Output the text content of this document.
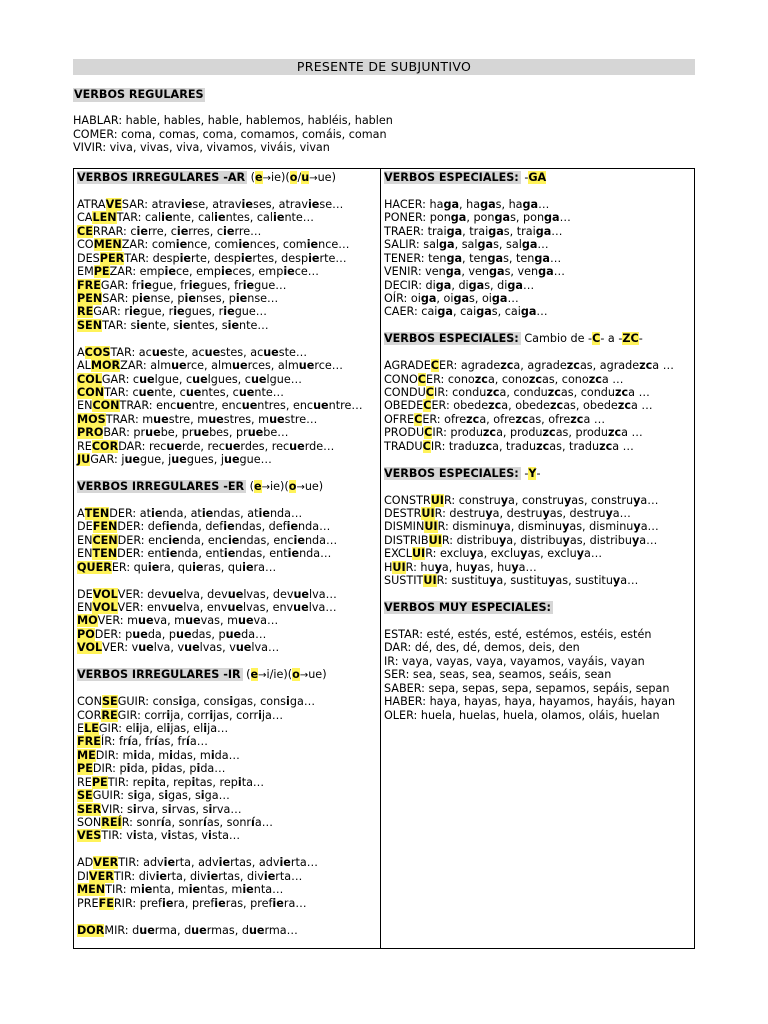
PRESENTE DE SUBJUNTIVO
VERBOS REGULARES
HABLAR: hable, hables, hable, hablemos, habléis, hablen
COMER: coma, comas, coma, comamos, comáis, coman
VIVIR: viva, vivas, viva, vivamos, viváis, vivan
VERBOS IRREGULARES -AR (e→ie)(o/u→ue)
ATRAVESAR: atraviese, atravieses, atraviese…
CALENTAR: caliente, calientes, caliente…
CERRAR: cierre, cierres, cierre…
COMENZAR: comience, comiences, comience…
DESPERTAR: despierte, despiertes, despierte…
EMPEZAR: empiece, empieces, empiece…
FREGAR: friegue, friegues, friegue…
PENSAR: piense, pienses, piense…
REGAR: riegue, riegues, riegue…
SENTAR: siente, sientes, siente…
ACOSTAR: acueste, acuestes, acueste…
ALMORZAR: almuerce, almuerces, almuerce…
COLGAR: cuelgue, cuelgues, cuelgue…
CONTAR: cuente, cuentes, cuente…
ENCONTRAR: encuentre, encuentres, encuentre…
MOSTRAR: muestre, muestres, muestre…
PROBAR: pruebe, pruebes, pruebe…
RECORDAR: recuerde, recuerdes, recuerde…
JUGAR: juegue, juegues, juegue…
VERBOS IRREGULARES -ER (e→ie)(o→ue)
ATENDER: atienda, atiendas, atienda…
DEFENDER: defienda, defiendas, defienda…
ENCENDER: encienda, enciendas, encienda…
ENTENDER: entienda, entiendas, entienda…
QUERER: quiera, quieras, quiera…
DEVOLVER: devuelva, devuelvas, devuelva…
ENVOLVER: envuelva, envuelvas, envuelva…
MOVER: mueva, muevas, mueva…
PODER: pueda, puedas, pueda…
VOLVER: vuelva, vuelvas, vuelva…
VERBOS IRREGULARES -IR (e→i/ie)(o→ue)
CONSEGUIR: consiga, consigas, consiga…
CORREGIR: corrija, corrijas, corrija…
ELEGIR: elija, elijas, elija…
FREÍR: fría, frías, fría…
MEDIR: mida, midas, mida…
PEDIR: pida, pidas, pida…
REPETIR: repita, repitas, repita…
SEGUIR: siga, sigas, siga…
SERVIR: sirva, sirvas, sirva…
SONREÍR: sonría, sonrías, sonría…
VESTIR: vista, vistas, vista…
ADVERTIR: advierta, adviertas, advierta…
DIVERTIR: divierta, diviertas, divierta…
MENTIR: mienta, mientas, mienta…
PREFERIR: prefiera, prefieras, prefiera…
DORMIR: duerma, duermas, duerma…
VERBOS ESPECIALES: -GA
HACER: haga, hagas, haga…
PONER: ponga, pongas, ponga…
TRAER: traiga, traigas, traiga…
SALIR: salga, salgas, salga…
TENER: tenga, tengas, tenga…
VENIR: venga, vengas, venga…
DECIR: diga, digas, diga…
OÍR: oiga, oigas, oiga…
CAER: caiga, caigas, caiga…
VERBOS ESPECIALES: Cambio de -C- a -ZC-
AGRADECER: agradezca, agradezcas, agradezca …
CONOCER: conozca, conozcas, conozca …
CONDUCIR: conduzca, conduzcas, conduzca …
OBEDECER: obedezca, obedezcas, obedezca …
OFRECER: ofrezca, ofrezcas, ofrezca …
PRODUCIR: produzca, produzcas, produzca …
TRADUCIR: traduzca, traduzcas, traduzca …
VERBOS ESPECIALES: -Y-
CONSTRUIR: construya, construyas, construya…
DESTRUIR: destruya, destruyas, destruya…
DISMINUIR: disminuya, disminuyas, disminuya…
DISTRIBUIR: distribuya, distribuyas, distribuya…
EXCLUIR: excluya, excluyas, excluya…
HUIR: huya, huyas, huya…
SUSTITUIR: sustituya, sustituyas, sustituya…
VERBOS MUY ESPECIALES:
ESTAR: esté, estés, esté, estémos, estéis, estén
DAR: dé, des, dé, demos, deis, den
IR: vaya, vayas, vaya, vayamos, vayáis, vayan
SER: sea, seas, sea, seamos, seáis, sean
SABER: sepa, sepas, sepa, sepamos, sepáis, sepan
HABER: haya, hayas, haya, hayamos, hayáis, hayan
OLER: huela, huelas, huela, olamos, oláis, huelan
